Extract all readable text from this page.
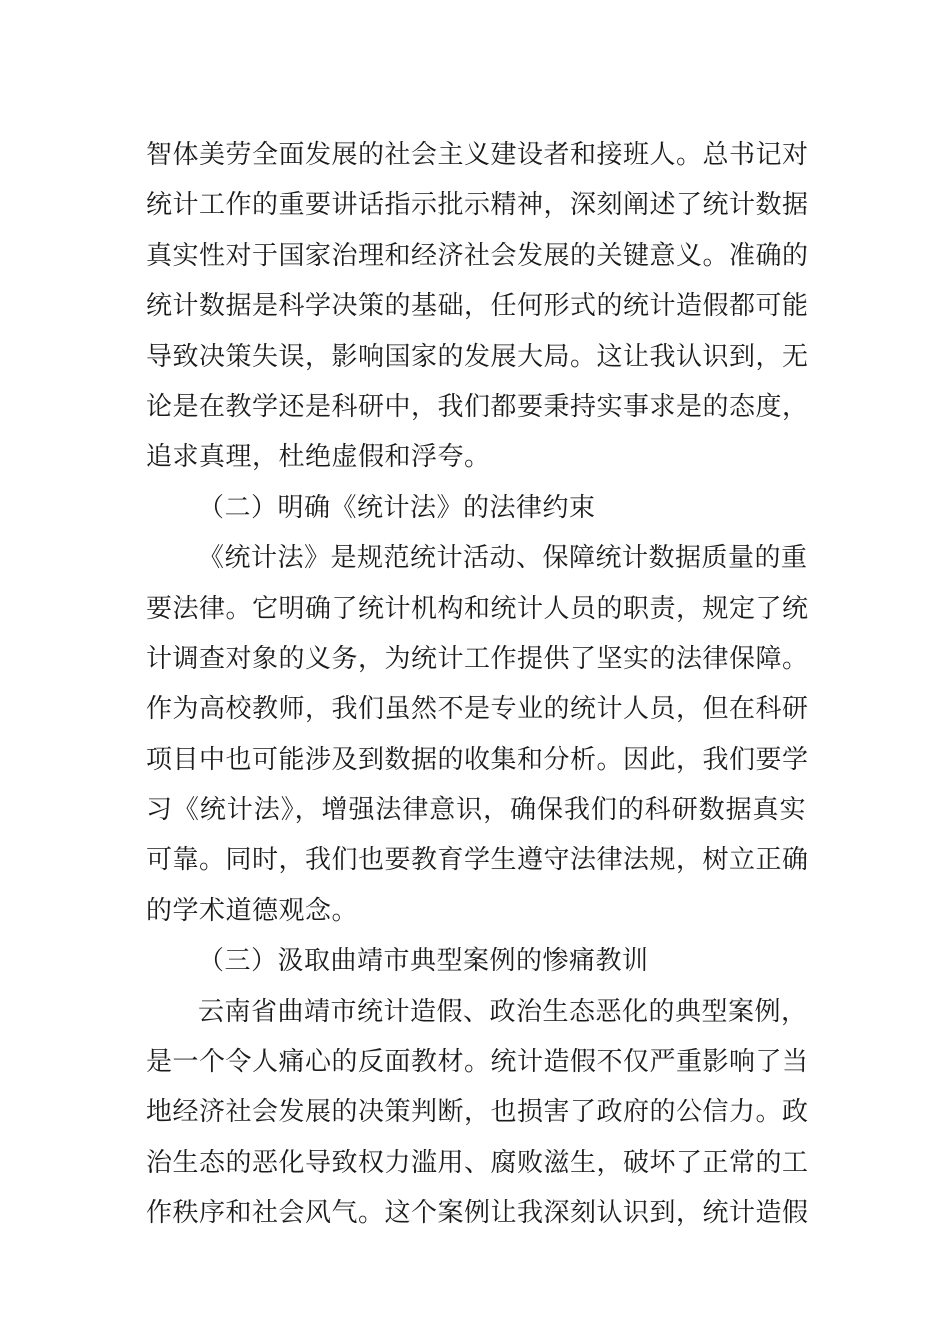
智体美劳全面发展的社会主义建设者和接班人。总书记对
统计工作的重要讲话指示批示精神，深刻阐述了统计数据
真实性对于国家治理和经济社会发展的关键意义。准确的
统计数据是科学决策的基础，任何形式的统计造假都可能
导致决策失误，影响国家的发展大局。这让我认识到，无
论是在教学还是科研中，我们都要秉持实事求是的态度，
追求真理，杜绝虚假和浮夸。
（二）明确《统计法》的法律约束
《统计法》是规范统计活动、保障统计数据质量的重
要法律。它明确了统计机构和统计人员的职责，规定了统
计调查对象的义务，为统计工作提供了坚实的法律保障。
作为高校教师，我们虽然不是专业的统计人员，但在科研
项目中也可能涉及到数据的收集和分析。因此，我们要学
习《统计法》，增强法律意识，确保我们的科研数据真实
可靠。同时，我们也要教育学生遵守法律法规，树立正确
的学术道德观念。
（三）汲取曲靖市典型案例的惨痛教训
云南省曲靖市统计造假、政治生态恶化的典型案例，
是一个令人痛心的反面教材。统计造假不仅严重影响了当
地经济社会发展的决策判断，也损害了政府的公信力。政
治生态的恶化导致权力滥用、腐败滋生，破坏了正常的工
作秩序和社会风气。这个案例让我深刻认识到，统计造假
